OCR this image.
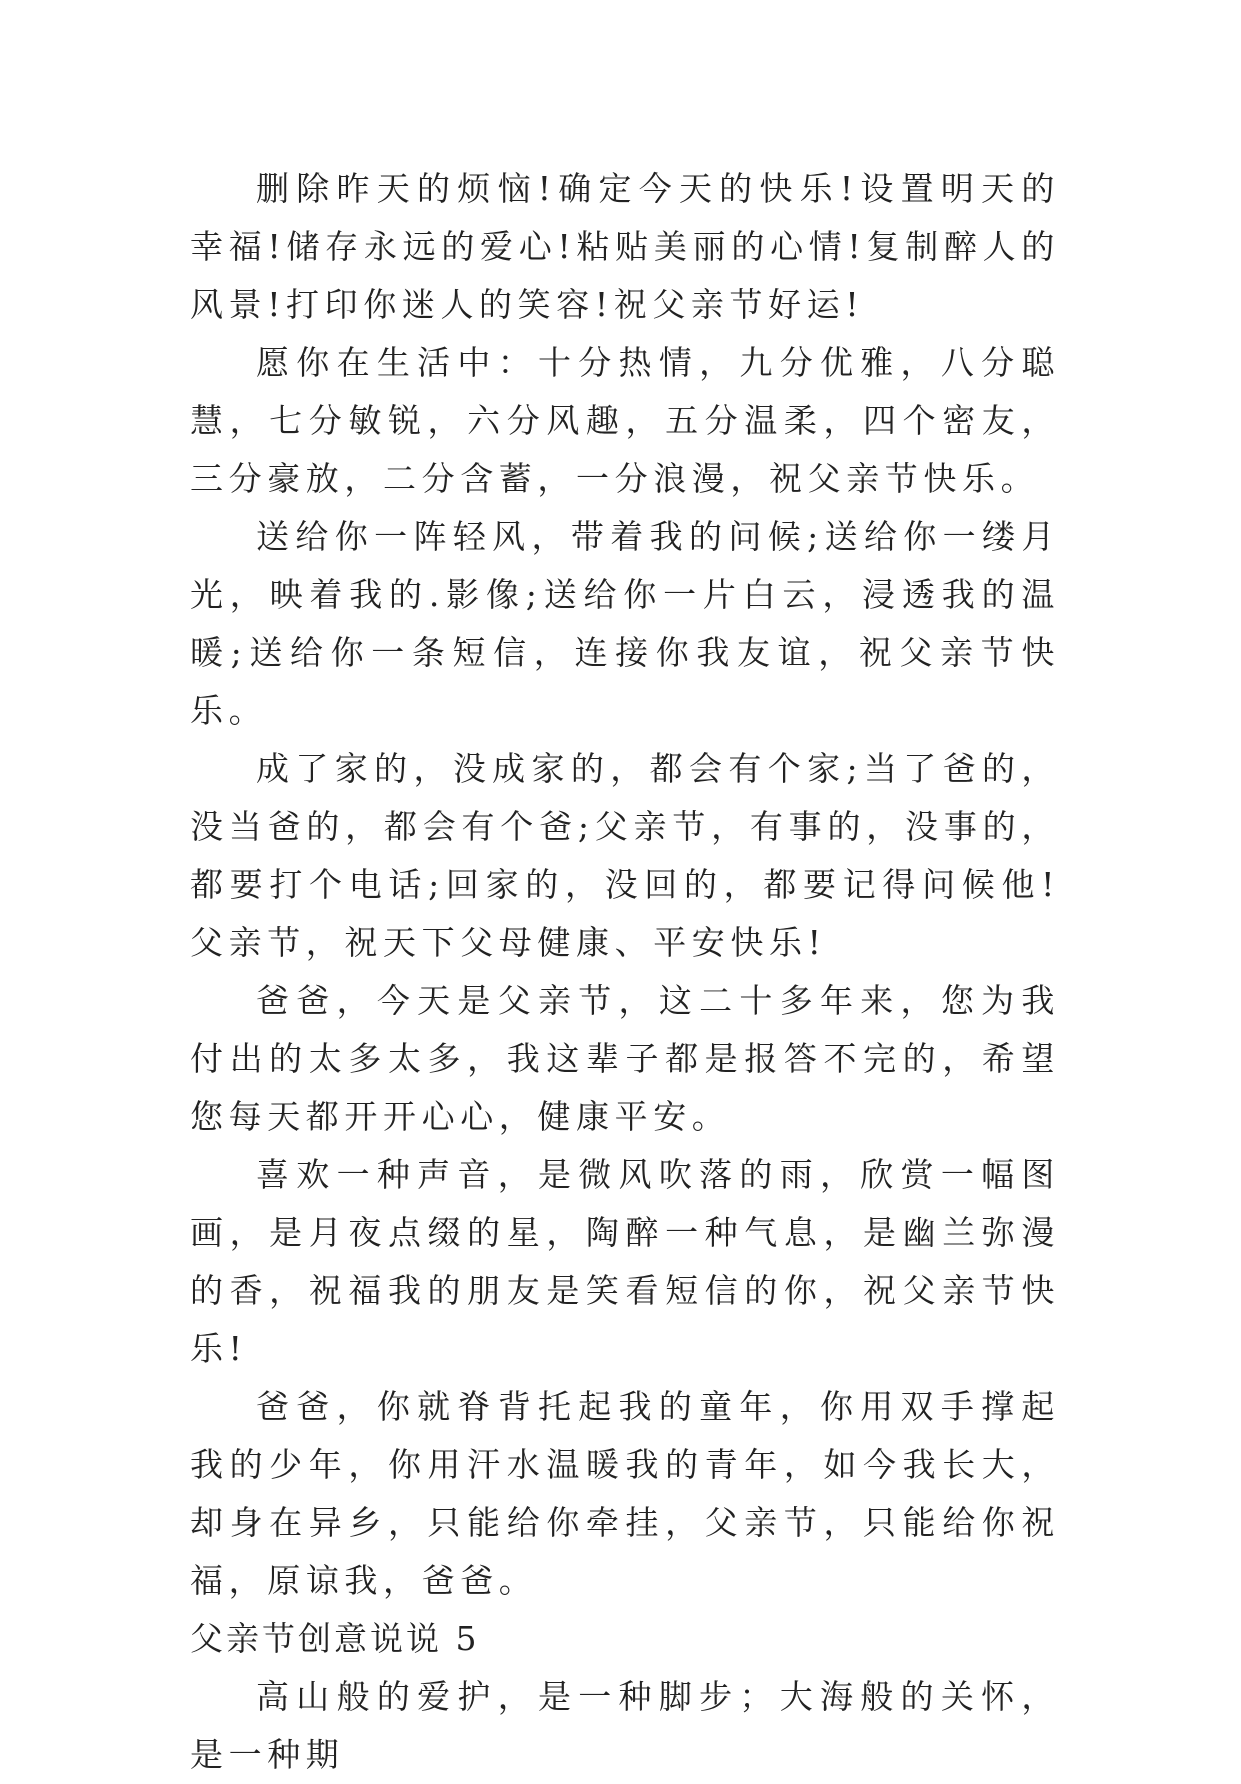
删除昨天的烦恼!确定今天的快乐!设置明天的幸福!储存永远的爱心!粘贴美丽的心情!复制醉人的风景!打印你迷人的笑容!祝父亲节好运!

愿你在生活中：十分热情，九分优雅，八分聪慧，七分敏锐，六分风趣，五分温柔，四个密友，三分豪放，二分含蓄，一分浪漫，祝父亲节快乐。

送给你一阵轻风，带着我的问候;送给你一缕月光，映着我的.影像;送给你一片白云，浸透我的温暖;送给你一条短信，连接你我友谊，祝父亲节快乐。

成了家的，没成家的，都会有个家;当了爸的，没当爸的，都会有个爸;父亲节，有事的，没事的，都要打个电话;回家的，没回的，都要记得问候他!父亲节，祝天下父母健康、平安快乐!

爸爸，今天是父亲节，这二十多年来，您为我付出的太多太多，我这辈子都是报答不完的，希望您每天都开开心心，健康平安。

喜欢一种声音，是微风吹落的雨，欣赏一幅图画，是月夜点缀的星，陶醉一种气息，是幽兰弥漫的香，祝福我的朋友是笑看短信的你，祝父亲节快乐!

爸爸，你就脊背托起我的童年，你用双手撑起我的少年，你用汗水温暖我的青年，如今我长大，却身在异乡，只能给你牵挂，父亲节，只能给你祝福，原谅我，爸爸。

父亲节创意说说 5

高山般的爱护，是一种脚步；大海般的关怀，是一种期
